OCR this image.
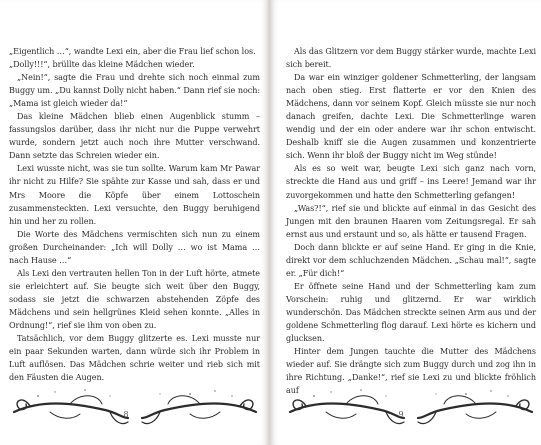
„Eigentlich …“, wandte Lexi ein, aber die Frau lief schon los.

„Dolly!!!“, brüllte das kleine Mädchen wieder.

„Nein!“, sagte die Frau und drehte sich noch einmal zum Buggy um. „Du kannst Dolly nicht haben.“ Dann rief sie noch: „Mama ist gleich wieder da!“

Das kleine Mädchen blieb einen Augenblick stumm – fassungslos darüber, dass ihr nicht nur die Puppe verwehrt wurde, sondern jetzt auch noch ihre Mutter verschwand. Dann setzte das Schreien wieder ein.

Lexi wusste nicht, was sie tun sollte. Warum kam Mr Pawar ihr nicht zu Hilfe? Sie spähte zur Kasse und sah, dass er und Mrs Moore die Köpfe über einem Lottoschein zusammensteckten. Lexi versuchte, den Buggy beruhigend hin und her zu rollen.

Die Worte des Mädchens vermischten sich nun zu einem großen Durcheinander: „Ich will Dolly … wo ist Mama … nach Hause …“

Als Lexi den vertrauten hellen Ton in der Luft hörte, atmete sie erleichtert auf. Sie beugte sich weit über den Buggy, sodass sie jetzt die schwarzen abstehenden Zöpfe des Mädchens und sein hellgrünes Kleid sehen konnte. „Alles in Ordnung!“, rief sie ihm von oben zu.

Tatsächlich, vor dem Buggy glitzerte es. Lexi musste nur ein paar Sekunden warten, dann würde sich ihr Problem in Luft auflösen. Das Mädchen schrie weiter und rieb sich mit den Fäusten die Augen.

8

Als das Glitzern vor dem Buggy stärker wurde, machte Lexi sich bereit.

Da war ein winziger goldener Schmetterling, der langsam nach oben stieg. Erst flatterte er vor den Knien des Mädchens, dann vor seinem Kopf. Gleich müsste sie nur noch danach greifen, dachte Lexi. Die Schmetterlinge waren wendig und der ein oder andere war ihr schon entwischt. Deshalb kniff sie die Augen zusammen und konzentrierte sich. Wenn ihr bloß der Buggy nicht im Weg stünde!

Als es so weit war, beugte Lexi sich ganz nach vorn, streckte die Hand aus und griff – ins Leere! Jemand war ihr zuvorgekommen und hatte den Schmetterling gefangen!

„Was?!“, rief sie und blickte auf einmal in das Gesicht des Jungen mit den braunen Haaren vom Zeitungsregal. Er sah ernst aus und erstaunt und so, als hätte er tausend Fragen.

Doch dann blickte er auf seine Hand. Er ging in die Knie, direkt vor dem schluchzenden Mädchen. „Schau mal!“, sagte er. „Für dich!“

Er öffnete seine Hand und der Schmetterling kam zum Vorschein: ruhig und glitzernd. Er war wirklich wunderschön. Das Mädchen streckte seinen Arm aus und der goldene Schmetterling flog darauf. Lexi hörte es kichern und glucksen.

Hinter dem Jungen tauchte die Mutter des Mädchens wieder auf. Sie drängte sich zum Buggy durch und zog ihn in ihre Richtung. „Danke!“, rief sie Lexi zu und blickte fröhlich auf

9
